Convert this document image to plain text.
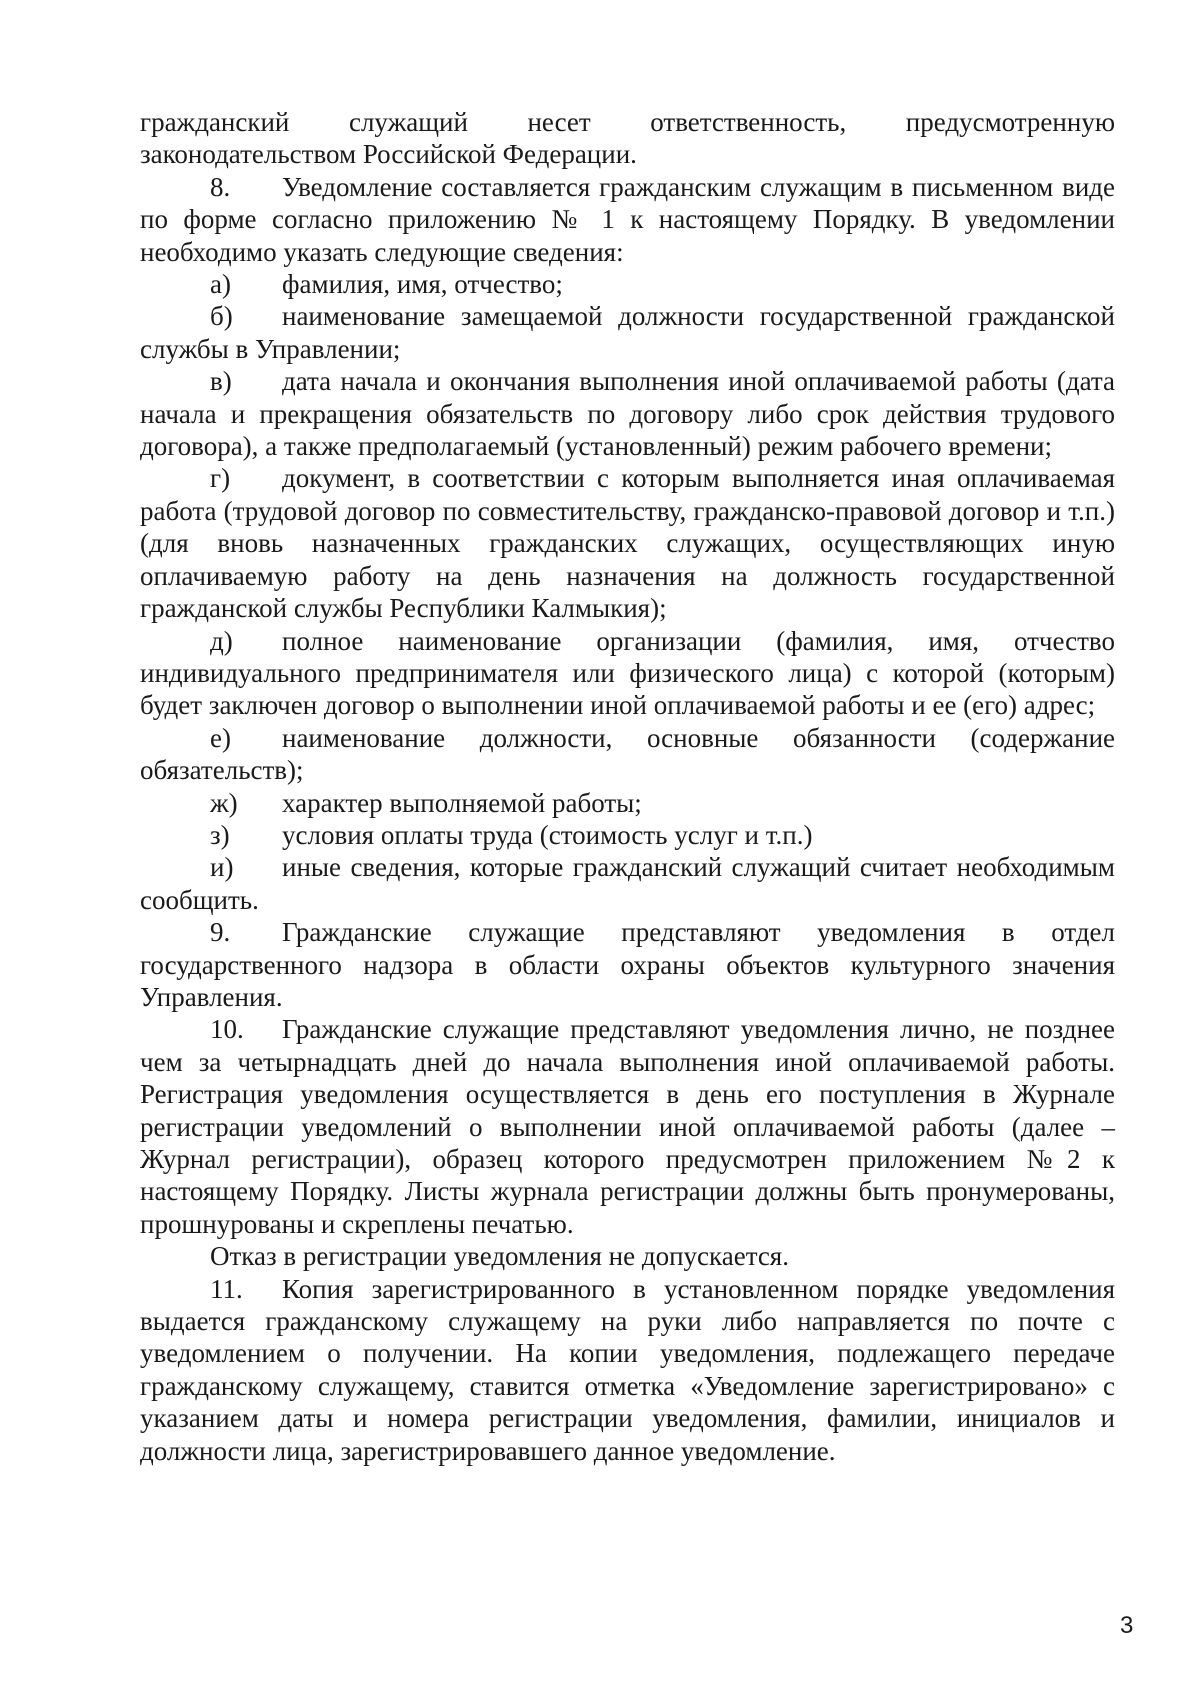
гражданский служащий несет ответственность, предусмотренную законодательством Российской Федерации.

8. Уведомление составляется гражданским служащим в письменном виде по форме согласно приложению № 1 к настоящему Порядку. В уведомлении необходимо указать следующие сведения:

а) фамилия, имя, отчество;

б) наименование замещаемой должности государственной гражданской службы в Управлении;

в) дата начала и окончания выполнения иной оплачиваемой работы (дата начала и прекращения обязательств по договору либо срок действия трудового договора), а также предполагаемый (установленный) режим рабочего времени;

г) документ, в соответствии с которым выполняется иная оплачиваемая работа (трудовой договор по совместительству, гражданско-правовой договор и т.п.) (для вновь назначенных гражданских служащих, осуществляющих иную оплачиваемую работу на день назначения на должность государственной гражданской службы Республики Калмыкия);

д) полное наименование организации (фамилия, имя, отчество индивидуального предпринимателя или физического лица) с которой (которым) будет заключен договор о выполнении иной оплачиваемой работы и ее (его) адрес;

е) наименование должности, основные обязанности (содержание обязательств);

ж) характер выполняемой работы;

з) условия оплаты труда (стоимость услуг и т.п.)

и) иные сведения, которые гражданский служащий считает необходимым сообщить.

9. Гражданские служащие представляют уведомления в отдел государственного надзора в области охраны объектов культурного значения Управления.

10. Гражданские служащие представляют уведомления лично, не позднее чем за четырнадцать дней до начала выполнения иной оплачиваемой работы. Регистрация уведомления осуществляется в день его поступления в Журнале регистрации уведомлений о выполнении иной оплачиваемой работы (далее – Журнал регистрации), образец которого предусмотрен приложением №2 к настоящему Порядку. Листы журнала регистрации должны быть пронумерованы, прошнурованы и скреплены печатью.

Отказ в регистрации уведомления не допускается.

11. Копия зарегистрированного в установленном порядке уведомления выдается гражданскому служащему на руки либо направляется по почте с уведомлением о получении. На копии уведомления, подлежащего передаче гражданскому служащему, ставится отметка «Уведомление зарегистрировано» с указанием даты и номера регистрации уведомления, фамилии, инициалов и должности лица, зарегистрировавшего данное уведомление.

3
